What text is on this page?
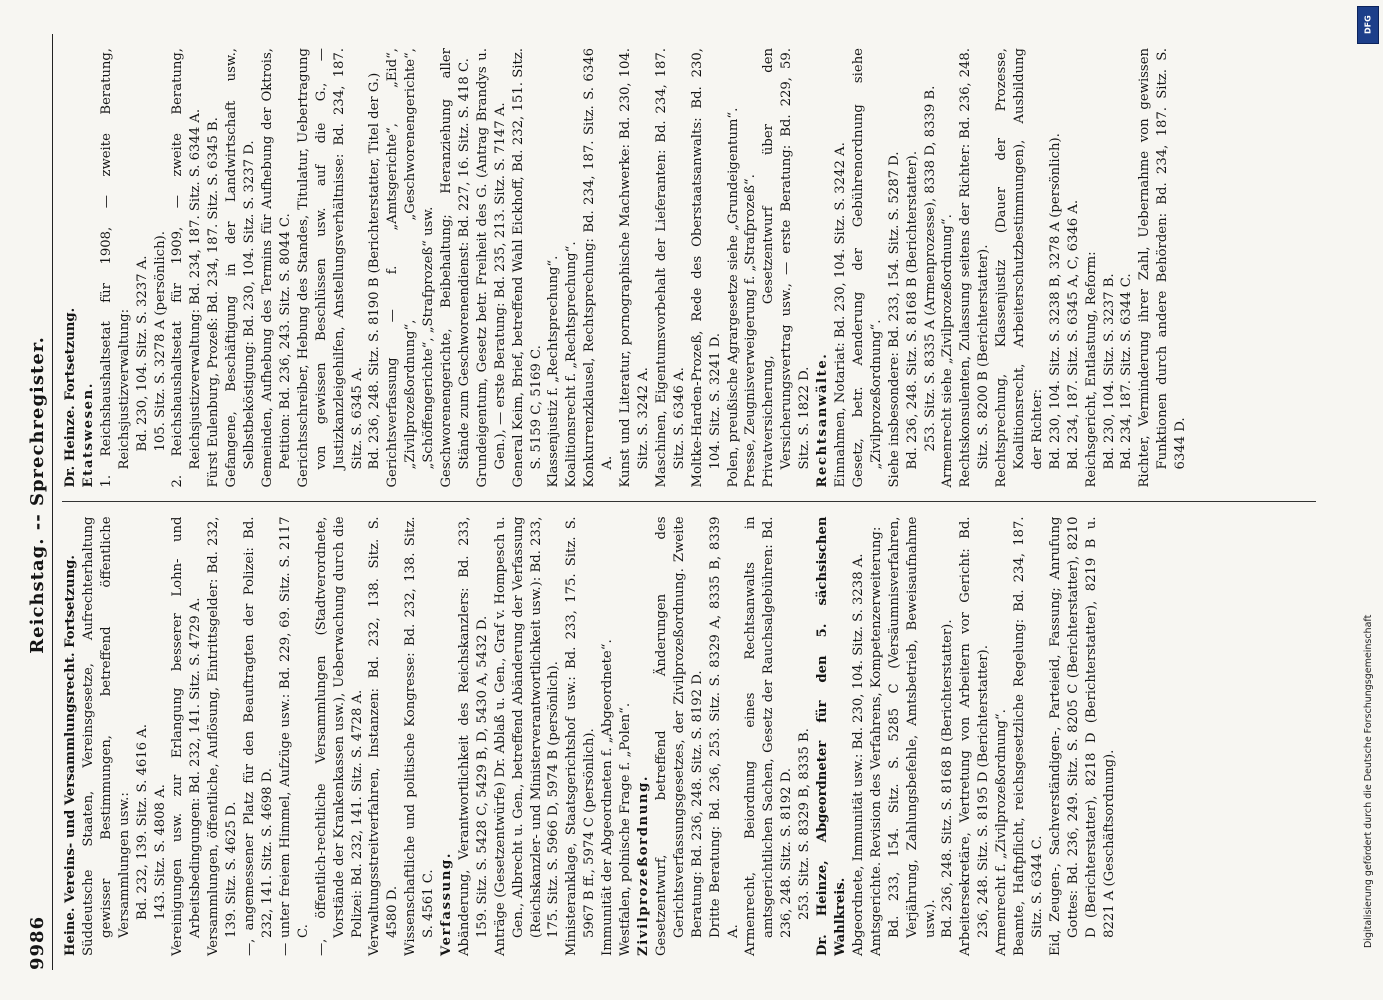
9986
Reichstag. -- Sprechregister.

Heine. Vereins- und Versammlungsrecht. Fortsetzung. Süddeutsche Staaten, Vereinsgesetze, Aufrechterhaltung gewisser Bestimmungen, betreffend öffentliche Versammlungen usw.: Bd. 232, 139. Sitz. S. 4616 A. 143. Sitz. S. 4808 A. Vereinigungen usw. zur Erlangung besserer Lohn- und Arbeitsbedingungen: Bd. 232, 141. Sitz. S. 4729 A. Versammlungen, öffentliche, Auflösung, Eintrittsgelder: Bd. 232, 139. Sitz. S. 4625 D. —, angemessener Platz für den Beauftragten der Polizei: Bd. 232, 141. Sitz. S. 4698 D. — unter freiem Himmel, Aufzüge usw.: Bd. 229, 69. Sitz. S. 2117 C. —, öffentlich-rechtliche Versammlungen (Stadtverordnete, Vorstände der Krankenkassen usw.), Ueberwachung durch die Polizei: Bd. 232, 141. Sitz. S. 4728 A. Verwaltungsstreitverfahren, Instanzen: Bd. 232, 138. Sitz. S. 4580 D. Wissenschaftliche und politische Kongresse: Bd. 232, 138. Sitz. S. 4561 C. Verfassung. Abänderung, Verantwortlichkeit des Reichskanzlers: Bd. 233, 159. Sitz. S. 5428 C, 5429 B, D, 5430 A, 5432 D. Anträge (Gesetzentwürfe) Dr. Ablaß u. Gen., Graf v. Hompesch u. Gen., Albrecht u. Gen., betreffend Abänderung der Verfassung (Reichskanzler- und Ministerverantwortlichkeit usw.): Bd. 233, 175. Sitz. S. 5966 D, 5974 B (persönlich). Ministeranklage, Staatsgerichtshof usw.: Bd. 233, 175. Sitz. S. 5967 B ff., 5974 C (persönlich). Immunität der Abgeordneten f. „Abgeordnete“. Westfalen, polnische Frage f. „Polen“. Zivilprozeßordnung. Gesetzentwurf, betreffend Änderungen des Gerichtsverfassungsgesetzes, der Zivilprozeßordnung. Zweite Beratung: Bd. 236, 248. Sitz. S. 8192 D. Dritte Beratung: Bd. 236, 253. Sitz. S. 8329 A, 8335 B, 8339 A. Armenrecht, Beiordnung eines Rechtsanwalts in amtsgerichtlichen Sachen, Gesetz der Rauchsalgebühren: Bd. 236, 248. Sitz. S. 8192 D. 253. Sitz. S. 8329 B, 8335 B. Dr. Heinze, Abgeordneter für den 5. sächsischen Wahlkreis. Abgeordnete, Immunität usw.: Bd. 230, 104. Sitz. S. 3238 A. Amtsgerichte. Revision des Verfahrens, Kompetenzerweiterung: Bd. 233, 154. Sitz. S. 5285 C (Versäumnisverfahren, Verjährung, Zahlungsbefehle, Amtsbetrieb, Beweisaufnahme usw.). Bd. 236, 248. Sitz. S. 8168 B (Berichterstatter). Arbeitersekretäre, Vertretung von Arbeitern vor Gericht: Bd. 236, 248. Sitz. S. 8195 D (Berichterstatter). Armenrecht f. „Zivilprozeßordnung“. Beamte, Haftpflicht, reichsgesetzliche Regelung: Bd. 234, 187. Sitz. S. 6344 C. Eid, Zeugen-, Sachverständigen-, Parteieid, Fassung; Anrufung Gottes: Bd. 236, 249. Sitz. S. 8205 C (Berichterstatter), 8210 D (Berichterstatter), 8218 D (Berichterstatter), 8219 B u. 8221 A (Geschäftsordnung).

Dr. Heinze. Fortsetzung. Etatswesen. 1. Reichshaushaltsetat für 1908, — zweite Beratung, Reichsjustizverwaltung: Bd. 230, 104. Sitz. S. 3237 A. 105. Sitz. S. 3278 A (persönlich). 2. Reichshaushaltsetat für 1909, — zweite Beratung, Reichsjustizverwaltung: Bd. 234, 187. Sitz. S. 6344 A. Fürst Eulenburg, Prozeß: Bd. 234, 187. Sitz. S. 6345 B. Gefangene, Beschäftigung in der Landwirtschaft usw., Selbstbeköstigung: Bd. 230, 104. Sitz. S. 3237 D. Gemeinden, Aufhebung des Termins für Aufhebung der Oktrois, Petition: Bd. 236, 243. Sitz. S. 8044 C. Gerichtsschreiber, Hebung des Standes, Titulatur, Uebertragung von gewissen Beschlüssen usw. auf die G., — Justizkanzleigehilfen, Anstellungsverhältnisse: Bd. 234, 187. Sitz. S. 6345 A. Bd. 236, 248. Sitz. S. 8190 B (Berichterstatter, Titel der G.) Gerichtsverfassung — f. „Amtsgerichte“, „Eid“, „Zivilprozeßordnung“, „Geschworenengerichte“, „Schöffengerichte“, „Strafprozeß“ usw. Geschworenengerichte, Beibehaltung; Heranziehung aller Stände zum Geschworenendienst: Bd. 227, 16. Sitz. S. 418 C. Grundeigentum, Gesetz betr. Freiheit des G. (Antrag Brandys u. Gen.), — erste Beratung: Bd. 235, 213. Sitz. S. 7147 A. General Keim, Brief, betreffend Wahl Eickhoff, Bd. 232, 151. Sitz. S. 5159 C, 5169 C. Klassenjustiz f. „Rechtsprechung“. Koalitionsrecht f. „Rechtsprechung“. Konkurrenzklausel, Rechtsprechung: Bd. 234, 187. Sitz. S. 6346 A. Kunst und Literatur, pornographische Machwerke: Bd. 230, 104. Sitz. S. 3242 A. Maschinen, Eigentumsvorbehalt der Lieferanten: Bd. 234, 187. Sitz. S. 6346 A. Moltke-Harden-Prozeß, Rede des Oberstaatsanwalts: Bd. 230, 104. Sitz. S. 3241 D. Polen, preußische Agrargesetze siehe „Grundeigentum“. Presse, Zeugnisverweigerung f. „Strafprozeß“. Privatversicherung, Gesetzentwurf über den Versicherungsvertrag usw., — erste Beratung: Bd. 229, 59. Sitz. S. 1822 D. Rechtsanwälte. Einnahmen, Notariat: Bd. 230, 104. Sitz. S. 3242 A. Gesetz, betr. Aenderung der Gebührenordnung siehe „Zivilprozeßordnung“. Siehe insbesondere: Bd. 233, 154. Sitz. S. 5287 D. Bd. 236, 248. Sitz. S. 8168 B (Berichterstatter). 253. Sitz. S. 8335 A (Armenprozesse), 8338 D, 8339 B. Armenrecht siehe „Zivilprozeßordnung“. Rechtskonsulenten, Zulassung seitens der Richter: Bd. 236, 248. Sitz. S. 8200 B (Berichterstatter). Rechtsprechung, Klassenjustiz (Dauer der Prozesse, Koalitionsrecht, Arbeiterschutzbestimmungen), Ausbildung der Richter: Bd. 230, 104. Sitz. S. 3238 B, 3278 A (persönlich). Bd. 234, 187. Sitz. S. 6345 A, C, 6346 A. Reichsgericht, Entlastung, Reform: Bd. 230, 104. Sitz. S. 3237 B. Bd. 234, 187. Sitz. S. 6344 C. Richter, Verminderung ihrer Zahl, Uebernahme von gewissen Funktionen durch andere Behörden: Bd. 234, 187. Sitz. S. 6344 D.

DFG
Digitalisierung gefördert durch die Deutsche Forschungsgemeinschaft
